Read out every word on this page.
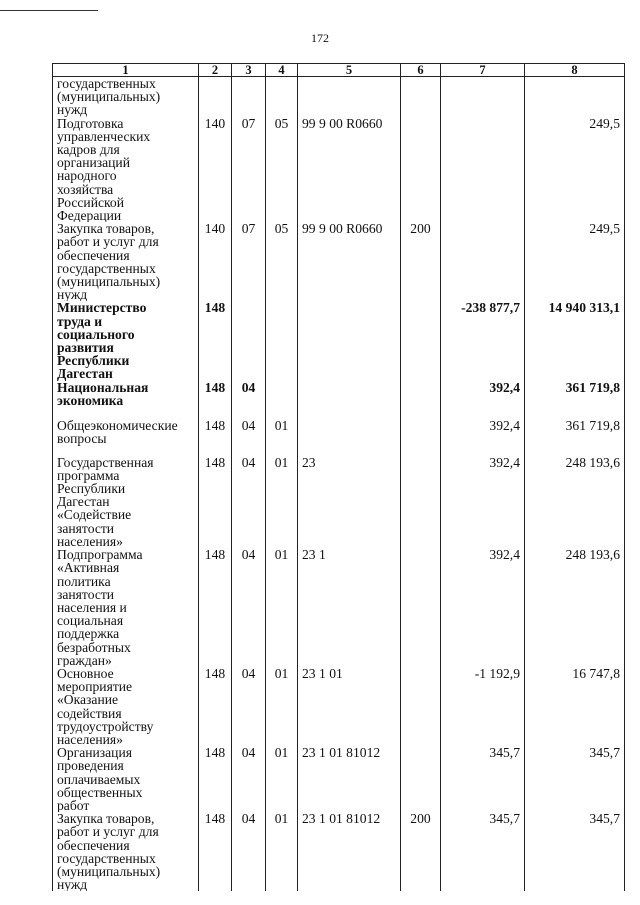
172
1	2	3	4	5	6	7	8

государственных (муниципальных) нужд							

Подготовка управленческих кадров для организаций народного хозяйства Российской Федерации	140	07	05	99 9 00 R0660			249,5

Закупка товаров, работ и услуг для обеспечения государственных (муниципальных) нужд	140	07	05	99 9 00 R0660	200		249,5

Министерство труда и социального развития Республики Дагестан	148					-238 877,7	14 940 313,1

Национальная экономика	148	04				392,4	361 719,8

Общеэкономические вопросы	148	04	01			392,4	361 719,8

Государственная программа Республики Дагестан «Содействие занятости населения»	148	04	01	23		392,4	248 193,6

Подпрограмма «Активная политика занятости населения и социальная поддержка безработных граждан»	148	04	01	23 1		392,4	248 193,6

Основное мероприятие «Оказание содействия трудоустройству населения»	148	04	01	23 1 01		-1 192,9	16 747,8

Организация проведения оплачиваемых общественных работ	148	04	01	23 1 01 81012		345,7	345,7

Закупка товаров, работ и услуг для обеспечения государственных (муниципальных) нужд	148	04	01	23 1 01 81012	200	345,7	345,7
